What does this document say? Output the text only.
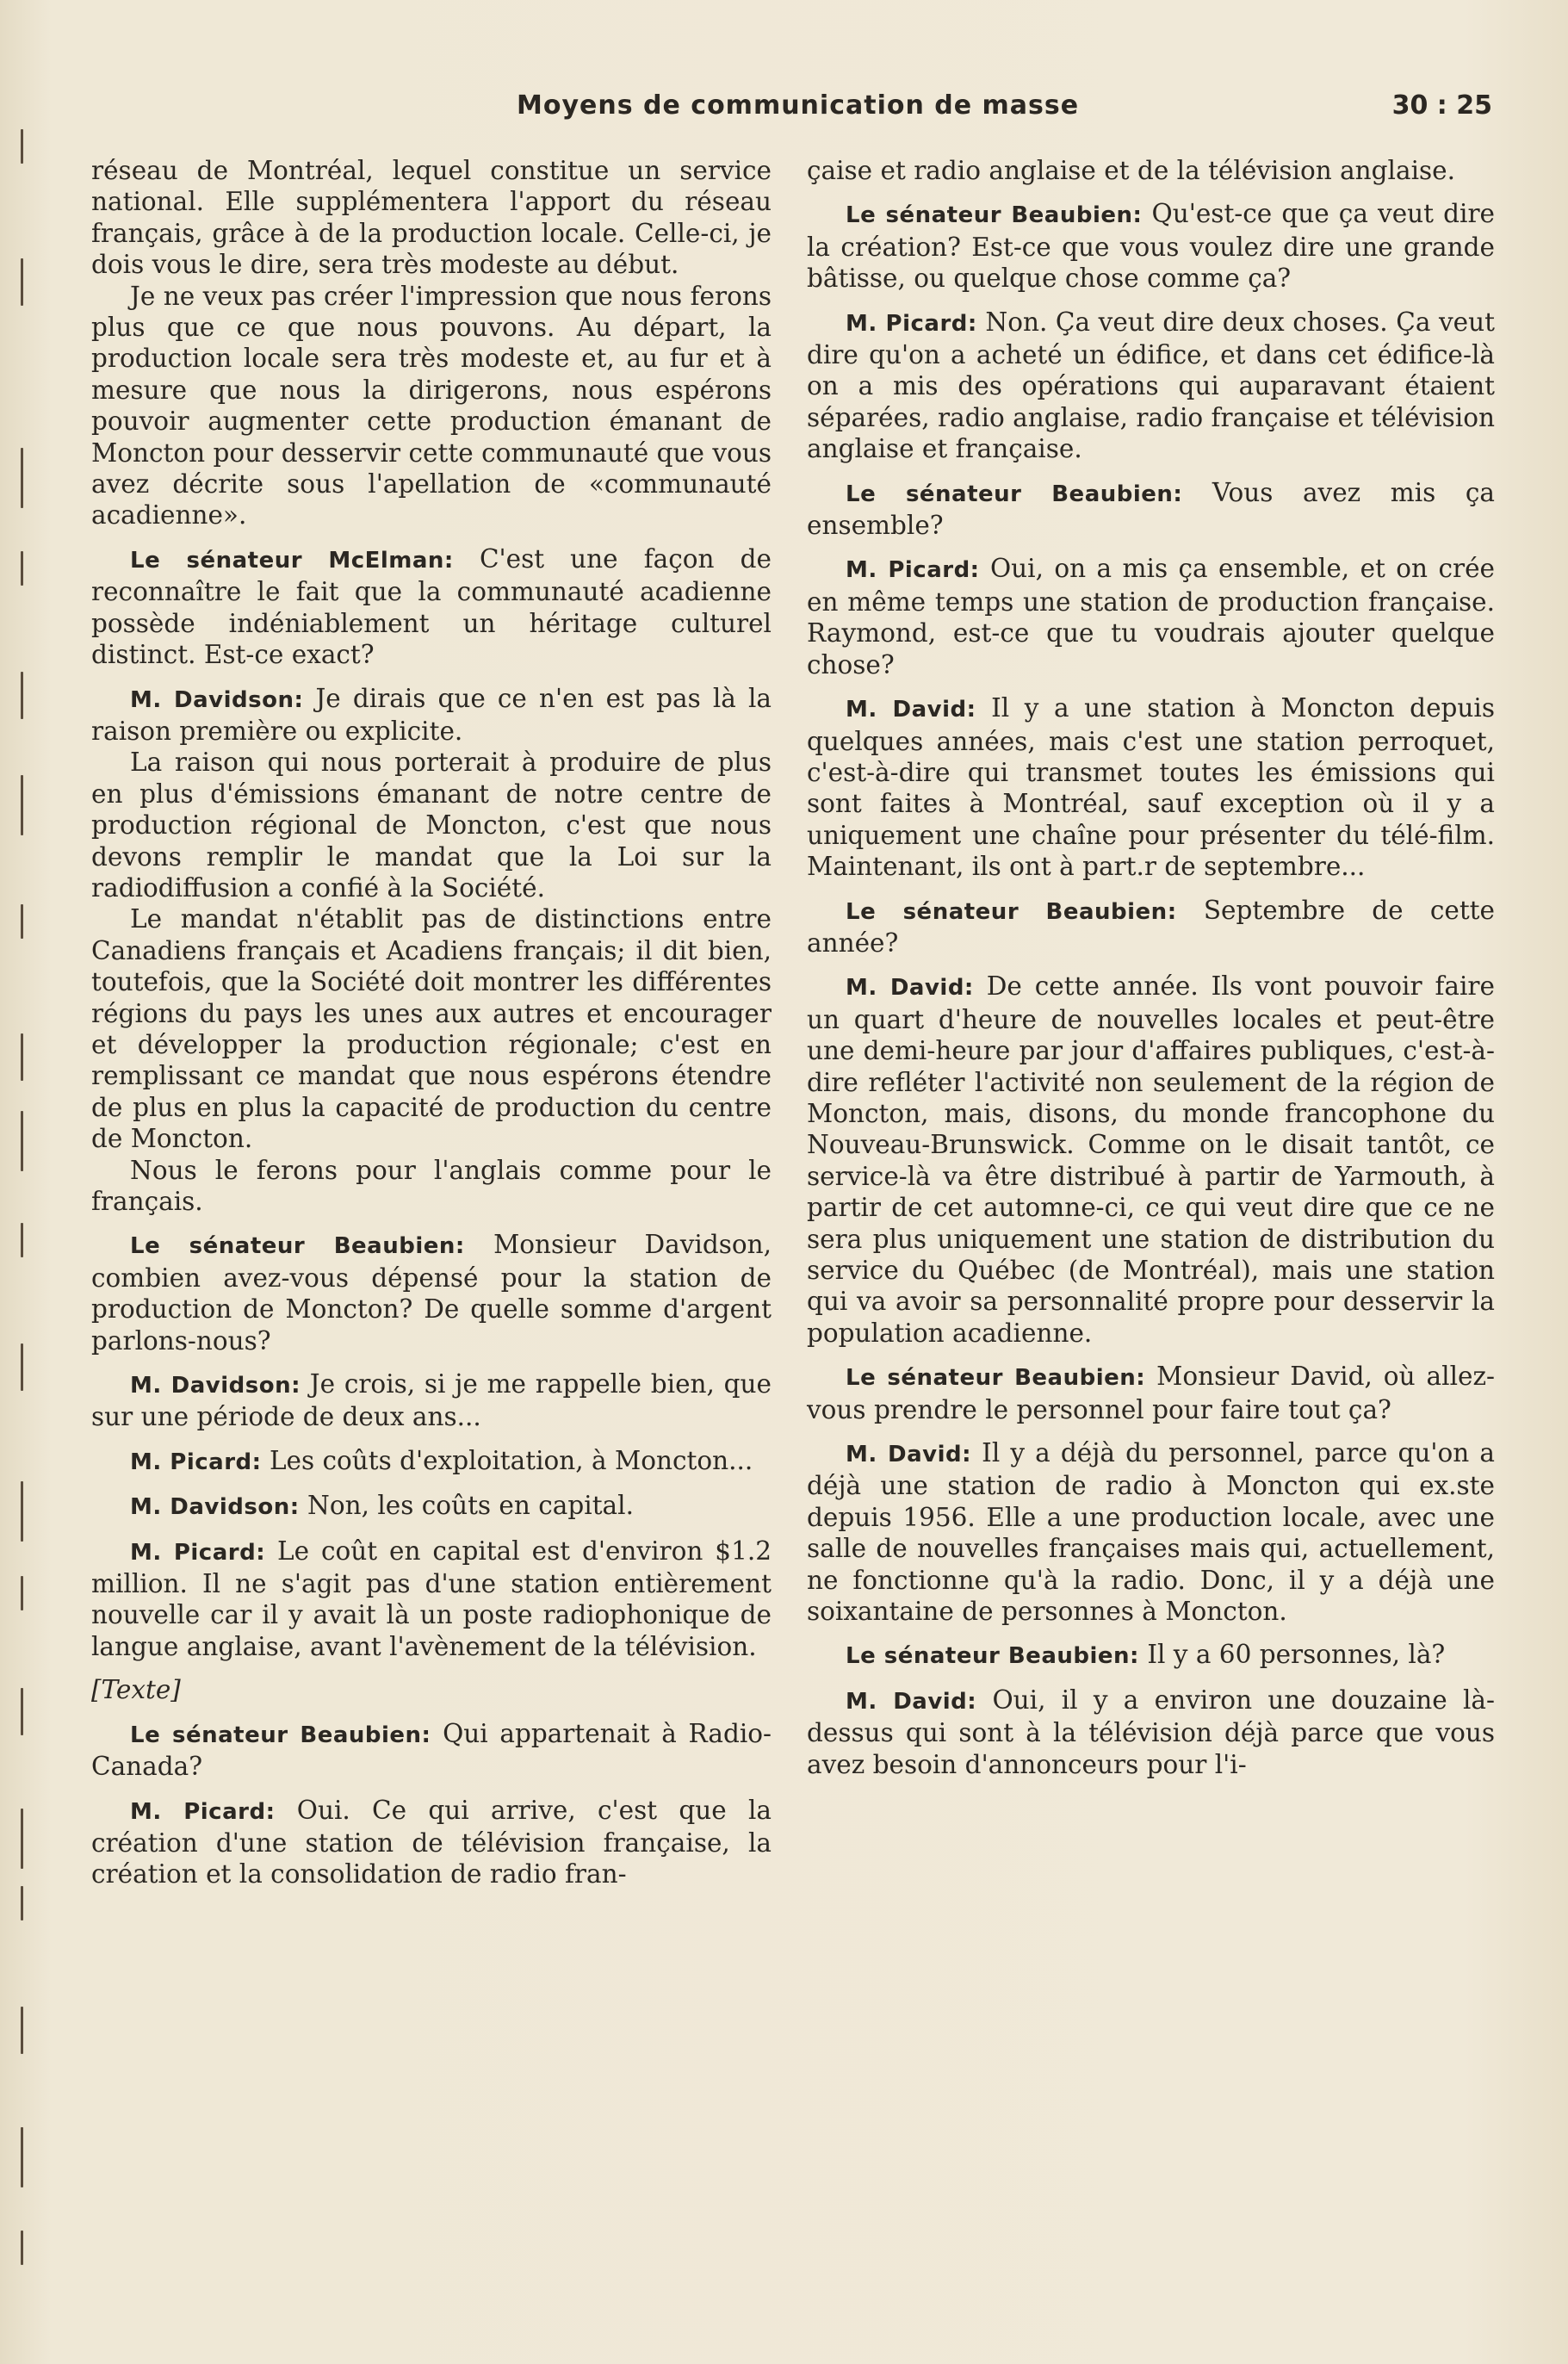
Moyens de communication de masse	30 : 25

réseau de Montréal, lequel constitue un service national. Elle supplémentera l'apport du réseau français, grâce à de la production locale. Celle-ci, je dois vous le dire, sera très modeste au début.

Je ne veux pas créer l'impression que nous ferons plus que ce que nous pouvons. Au départ, la production locale sera très modeste et, au fur et à mesure que nous la dirigerons, nous espérons pouvoir augmenter cette production émanant de Moncton pour desservir cette communauté que vous avez décrite sous l'apellation de «communauté acadienne».

Le sénateur McElman: C'est une façon de reconnaître le fait que la communauté acadienne possède indéniablement un héritage culturel distinct. Est-ce exact?

M. Davidson: Je dirais que ce n'en est pas là la raison première ou explicite.

La raison qui nous porterait à produire de plus en plus d'émissions émanant de notre centre de production régional de Moncton, c'est que nous devons remplir le mandat que la Loi sur la radiodiffusion a confié à la Société.

Le mandat n'établit pas de distinctions entre Canadiens français et Acadiens français; il dit bien, toutefois, que la Société doit montrer les différentes régions du pays les unes aux autres et encourager et développer la production régionale; c'est en remplissant ce mandat que nous espérons étendre de plus en plus la capacité de production du centre de Moncton.

Nous le ferons pour l'anglais comme pour le français.

Le sénateur Beaubien: Monsieur Davidson, combien avez-vous dépensé pour la station de production de Moncton? De quelle somme d'argent parlons-nous?

M. Davidson: Je crois, si je me rappelle bien, que sur une période de deux ans...

M. Picard: Les coûts d'exploitation, à Moncton...

M. Davidson: Non, les coûts en capital.

M. Picard: Le coût en capital est d'environ $1.2 million. Il ne s'agit pas d'une station entièrement nouvelle car il y avait là un poste radiophonique de langue anglaise, avant l'avènement de la télévision.

[Texte]

Le sénateur Beaubien: Qui appartenait à Radio-Canada?

M. Picard: Oui. Ce qui arrive, c'est que la création d'une station de télévision française, la création et la consolidation de radio fran-

çaise et radio anglaise et de la télévision anglaise.

Le sénateur Beaubien: Qu'est-ce que ça veut dire la création? Est-ce que vous voulez dire une grande bâtisse, ou quelque chose comme ça?

M. Picard: Non. Ça veut dire deux choses. Ça veut dire qu'on a acheté un édifice, et dans cet édifice-là on a mis des opérations qui auparavant étaient séparées, radio anglaise, radio française et télévision anglaise et française.

Le sénateur Beaubien: Vous avez mis ça ensemble?

M. Picard: Oui, on a mis ça ensemble, et on crée en même temps une station de production française. Raymond, est-ce que tu voudrais ajouter quelque chose?

M. David: Il y a une station à Moncton depuis quelques années, mais c'est une station perroquet, c'est-à-dire qui transmet toutes les émissions qui sont faites à Montréal, sauf exception où il y a uniquement une chaîne pour présenter du télé-film. Maintenant, ils ont à part.r de septembre...

Le sénateur Beaubien: Septembre de cette année?

M. David: De cette année. Ils vont pouvoir faire un quart d'heure de nouvelles locales et peut-être une demi-heure par jour d'affaires publiques, c'est-à-dire refléter l'activité non seulement de la région de Moncton, mais, disons, du monde francophone du Nouveau-Brunswick. Comme on le disait tantôt, ce service-là va être distribué à partir de Yarmouth, à partir de cet automne-ci, ce qui veut dire que ce ne sera plus uniquement une station de distribution du service du Québec (de Montréal), mais une station qui va avoir sa personnalité propre pour desservir la population acadienne.

Le sénateur Beaubien: Monsieur David, où allez-vous prendre le personnel pour faire tout ça?

M. David: Il y a déjà du personnel, parce qu'on a déjà une station de radio à Moncton qui ex.ste depuis 1956. Elle a une production locale, avec une salle de nouvelles françaises mais qui, actuellement, ne fonctionne qu'à la radio. Donc, il y a déjà une soixantaine de personnes à Moncton.

Le sénateur Beaubien: Il y a 60 personnes, là?

M. David: Oui, il y a environ une douzaine là-dessus qui sont à la télévision déjà parce que vous avez besoin d'annonceurs pour l'i-
